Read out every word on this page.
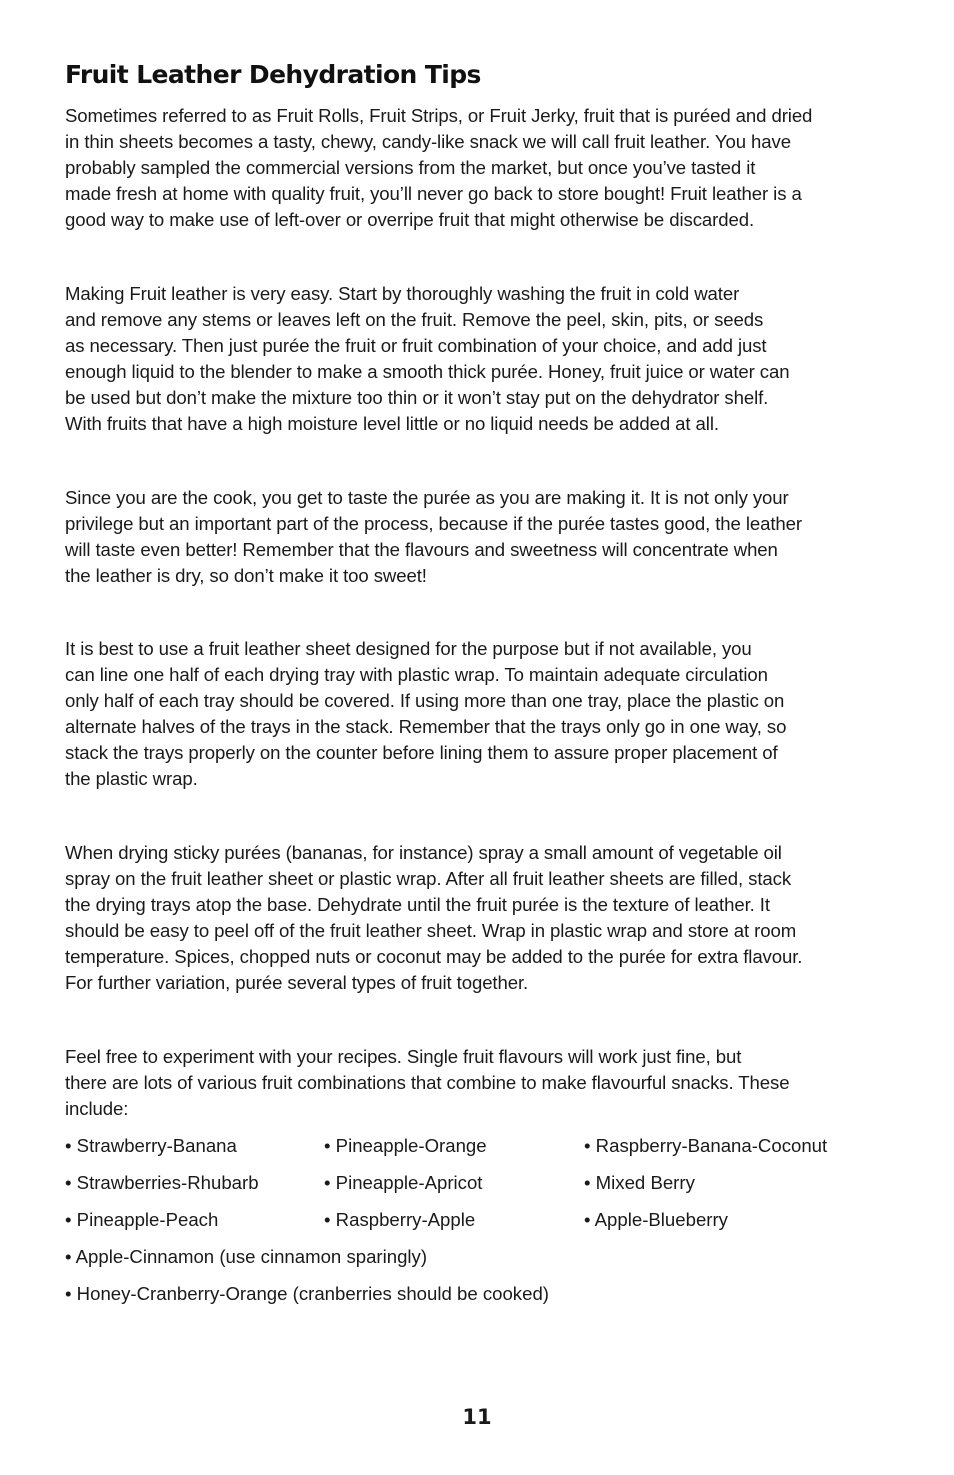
Fruit Leather Dehydration Tips

Sometimes referred to as Fruit Rolls, Fruit Strips, or Fruit Jerky, fruit that is puréed and dried
in thin sheets becomes a tasty, chewy, candy-like snack we will call fruit leather. You have
probably sampled the commercial versions from the market, but once you’ve tasted it
made fresh at home with quality fruit, you’ll never go back to store bought! Fruit leather is a
good way to make use of left-over or overripe fruit that might otherwise be discarded.

Making Fruit leather is very easy. Start by thoroughly washing the fruit in cold water
and remove any stems or leaves left on the fruit. Remove the peel, skin, pits, or seeds
as necessary. Then just purée the fruit or fruit combination of your choice, and add just
enough liquid to the blender to make a smooth thick purée. Honey, fruit juice or water can
be used but don’t make the mixture too thin or it won’t stay put on the dehydrator shelf.
With fruits that have a high moisture level little or no liquid needs be added at all.

Since you are the cook, you get to taste the purée as you are making it. It is not only your
privilege but an important part of the process, because if the purée tastes good, the leather
will taste even better! Remember that the flavours and sweetness will concentrate when
the leather is dry, so don’t make it too sweet!

It is best to use a fruit leather sheet designed for the purpose but if not available, you
can line one half of each drying tray with plastic wrap. To maintain adequate circulation
only half of each tray should be covered. If using more than one tray, place the plastic on
alternate halves of the trays in the stack. Remember that the trays only go in one way, so
stack the trays properly on the counter before lining them to assure proper placement of
the plastic wrap.

When drying sticky purées (bananas, for instance) spray a small amount of vegetable oil
spray on the fruit leather sheet or plastic wrap. After all fruit leather sheets are filled, stack
the drying trays atop the base. Dehydrate until the fruit purée is the texture of leather. It
should be easy to peel off of the fruit leather sheet. Wrap in plastic wrap and store at room
temperature. Spices, chopped nuts or coconut may be added to the purée for extra flavour.
For further variation, purée several types of fruit together.

Feel free to experiment with your recipes. Single fruit flavours will work just fine, but
there are lots of various fruit combinations that combine to make flavourful snacks. These
include:

• Strawberry-Banana	• Pineapple-Orange	• Raspberry-Banana-Coconut
• Strawberries-Rhubarb	• Pineapple-Apricot	• Mixed Berry
• Pineapple-Peach	• Raspberry-Apple	• Apple-Blueberry
• Apple-Cinnamon (use cinnamon sparingly)
• Honey-Cranberry-Orange (cranberries should be cooked)
11
